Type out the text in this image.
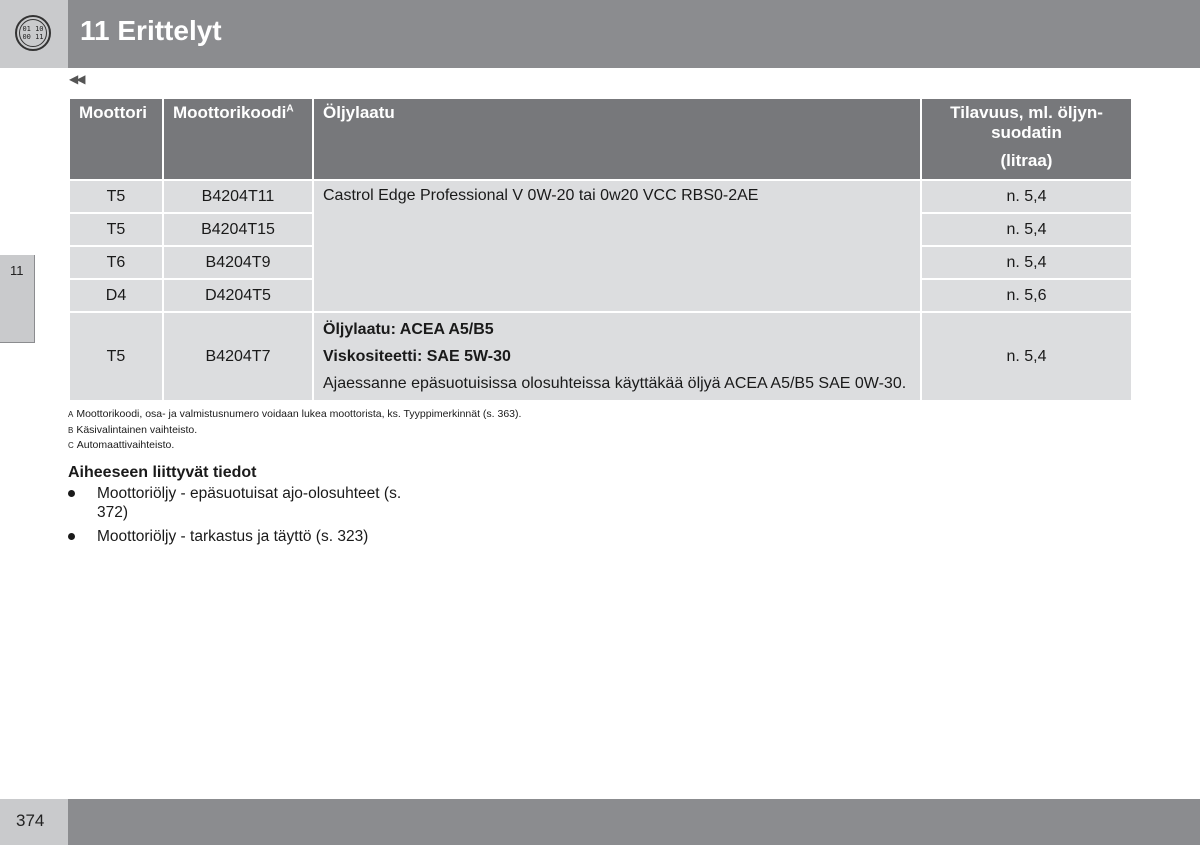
01 10
00 11 11 Erittelyt
◀◀
11
Moottori	Moottorikoodi$^A$	Öljylaatu	Tilavuus, ml. öljyn-suodatin
(litraa)

T5	B4204T11	Castrol Edge Professional V 0W-20 tai 0w20 VCC RBS0-2AE	n. 5,4
T5	B4204T15		n. 5,4
T6	B4204T9		n. 5,4
D4	D4204T5		n. 5,6
T5	B4204T7	Öljylaatu: ACEA A5/B5
Viskositeetti: SAE 5W-30
Ajaessanne epäsuotuisissa olosuhteissa käyttäkää öljyä ACEA A5/B5 SAE 0W-30.	n. 5,4
A Moottorikoodi, osa- ja valmistusnumero voidaan lukea moottorista, ks. Tyyppimerkinnät (s. 363).
B Käsivalintainen vaihteisto.
C Automaattivaihteisto.
Aiheeseen liittyvät tiedot
Moottoriöljy - epäsuotuisat ajo-olosuhteet (s. 372)
Moottoriöljy - tarkastus ja täyttö (s. 323)
374
